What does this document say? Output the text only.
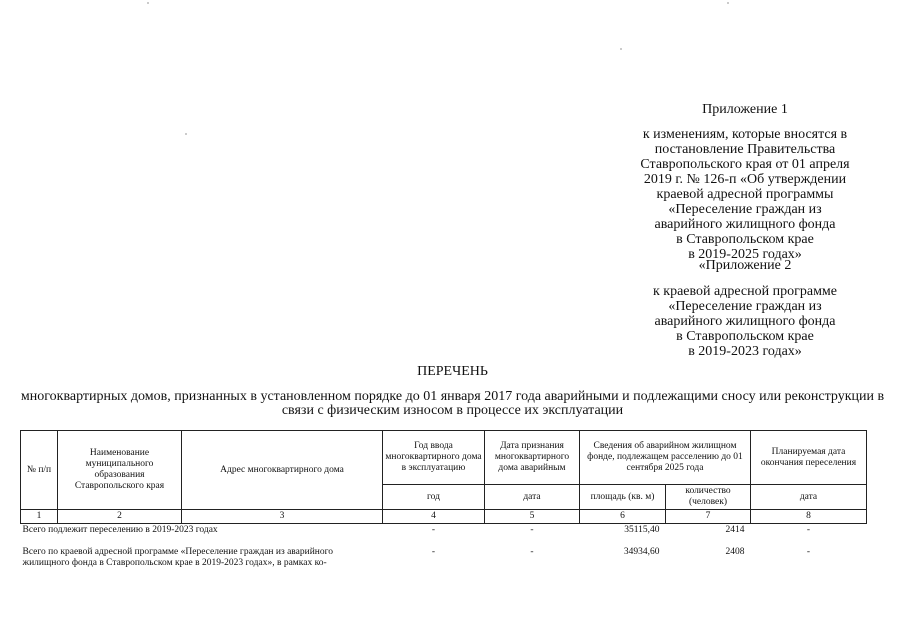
Приложение 1
к изменениям, которые вносятся в
постановление Правительства
Ставропольского края от 01 апреля
2019 г. № 126-п «Об утверждении
краевой адресной программы
«Переселение граждан из
аварийного жилищного фонда
в Ставропольском крае
в 2019-2025 годах»
«Приложение 2
к краевой адресной программе
«Переселение граждан из
аварийного жилищного фонда
в Ставропольском крае
в 2019-2023 годах»
ПЕРЕЧЕНЬ
многоквартирных домов, признанных в установленном порядке до 01 января 2017 года аварийными и подлежащими сносу или реконструкции в связи с физическим износом в процессе их эксплуатации
№ п/п	Наименование муниципального образования Ставропольского края	Адрес многоквартирного дома	Год ввода многоквартирного дома в эксплуатацию	Дата признания многоквартирного дома аварийным	Сведения об аварийном жилищном фонде, подлежащем расселению до 01 сентября 2025 года		Планируемая дата окончания переселения
			год	дата	площадь (кв. м)	количество (человек)	дата
1	2	3	4	5	6	7	8
Всего подлежит переселению в 2019-2023 годах			-	-	35115,40	2414	-
Всего по краевой адресной программе «Переселение граждан из аварийного жилищного фонда в Ставропольском крае в 2019-2023 годах», в рамках ко-			-	-	34934,60	2408	-
